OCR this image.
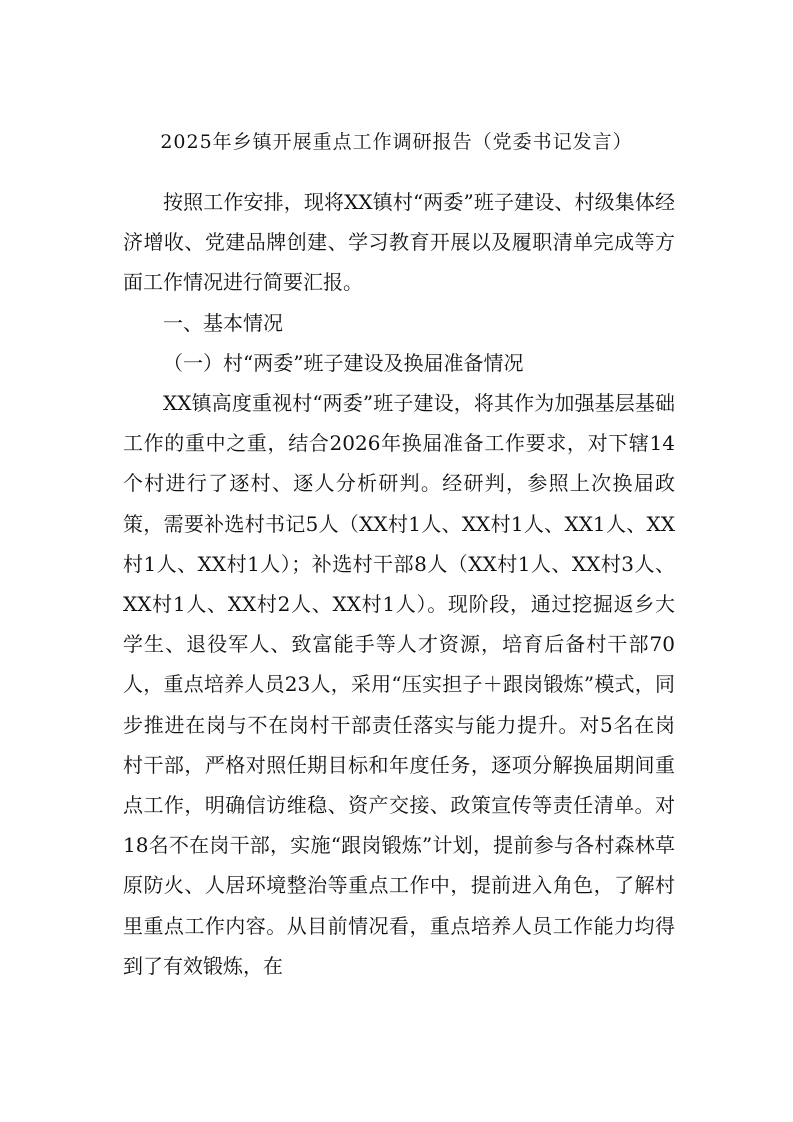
2025年乡镇开展重点工作调研报告（党委书记发言）

按照工作安排，现将XX镇村“两委”班子建设、村级集体经济增收、党建品牌创建、学习教育开展以及履职清单完成等方面工作情况进行简要汇报。

一、基本情况

（一）村“两委”班子建设及换届准备情况

XX镇高度重视村“两委”班子建设，将其作为加强基层基础工作的重中之重，结合2026年换届准备工作要求，对下辖14个村进行了逐村、逐人分析研判。经研判，参照上次换届政策，需要补选村书记5人（XX村1人、XX村1人、XX1人、XX村1人、XX村1人）；补选村干部8人（XX村1人、XX村3人、XX村1人、XX村2人、XX村1人）。现阶段，通过挖掘返乡大学生、退役军人、致富能手等人才资源，培育后备村干部70人，重点培养人员23人，采用“压实担子＋跟岗锻炼”模式，同步推进在岗与不在岗村干部责任落实与能力提升。对5名在岗村干部，严格对照任期目标和年度任务，逐项分解换届期间重点工作，明确信访维稳、资产交接、政策宣传等责任清单。对18名不在岗干部，实施“跟岗锻炼”计划，提前参与各村森林草原防火、人居环境整治等重点工作中，提前进入角色，了解村里重点工作内容。从目前情况看，重点培养人员工作能力均得到了有效锻炼，在
